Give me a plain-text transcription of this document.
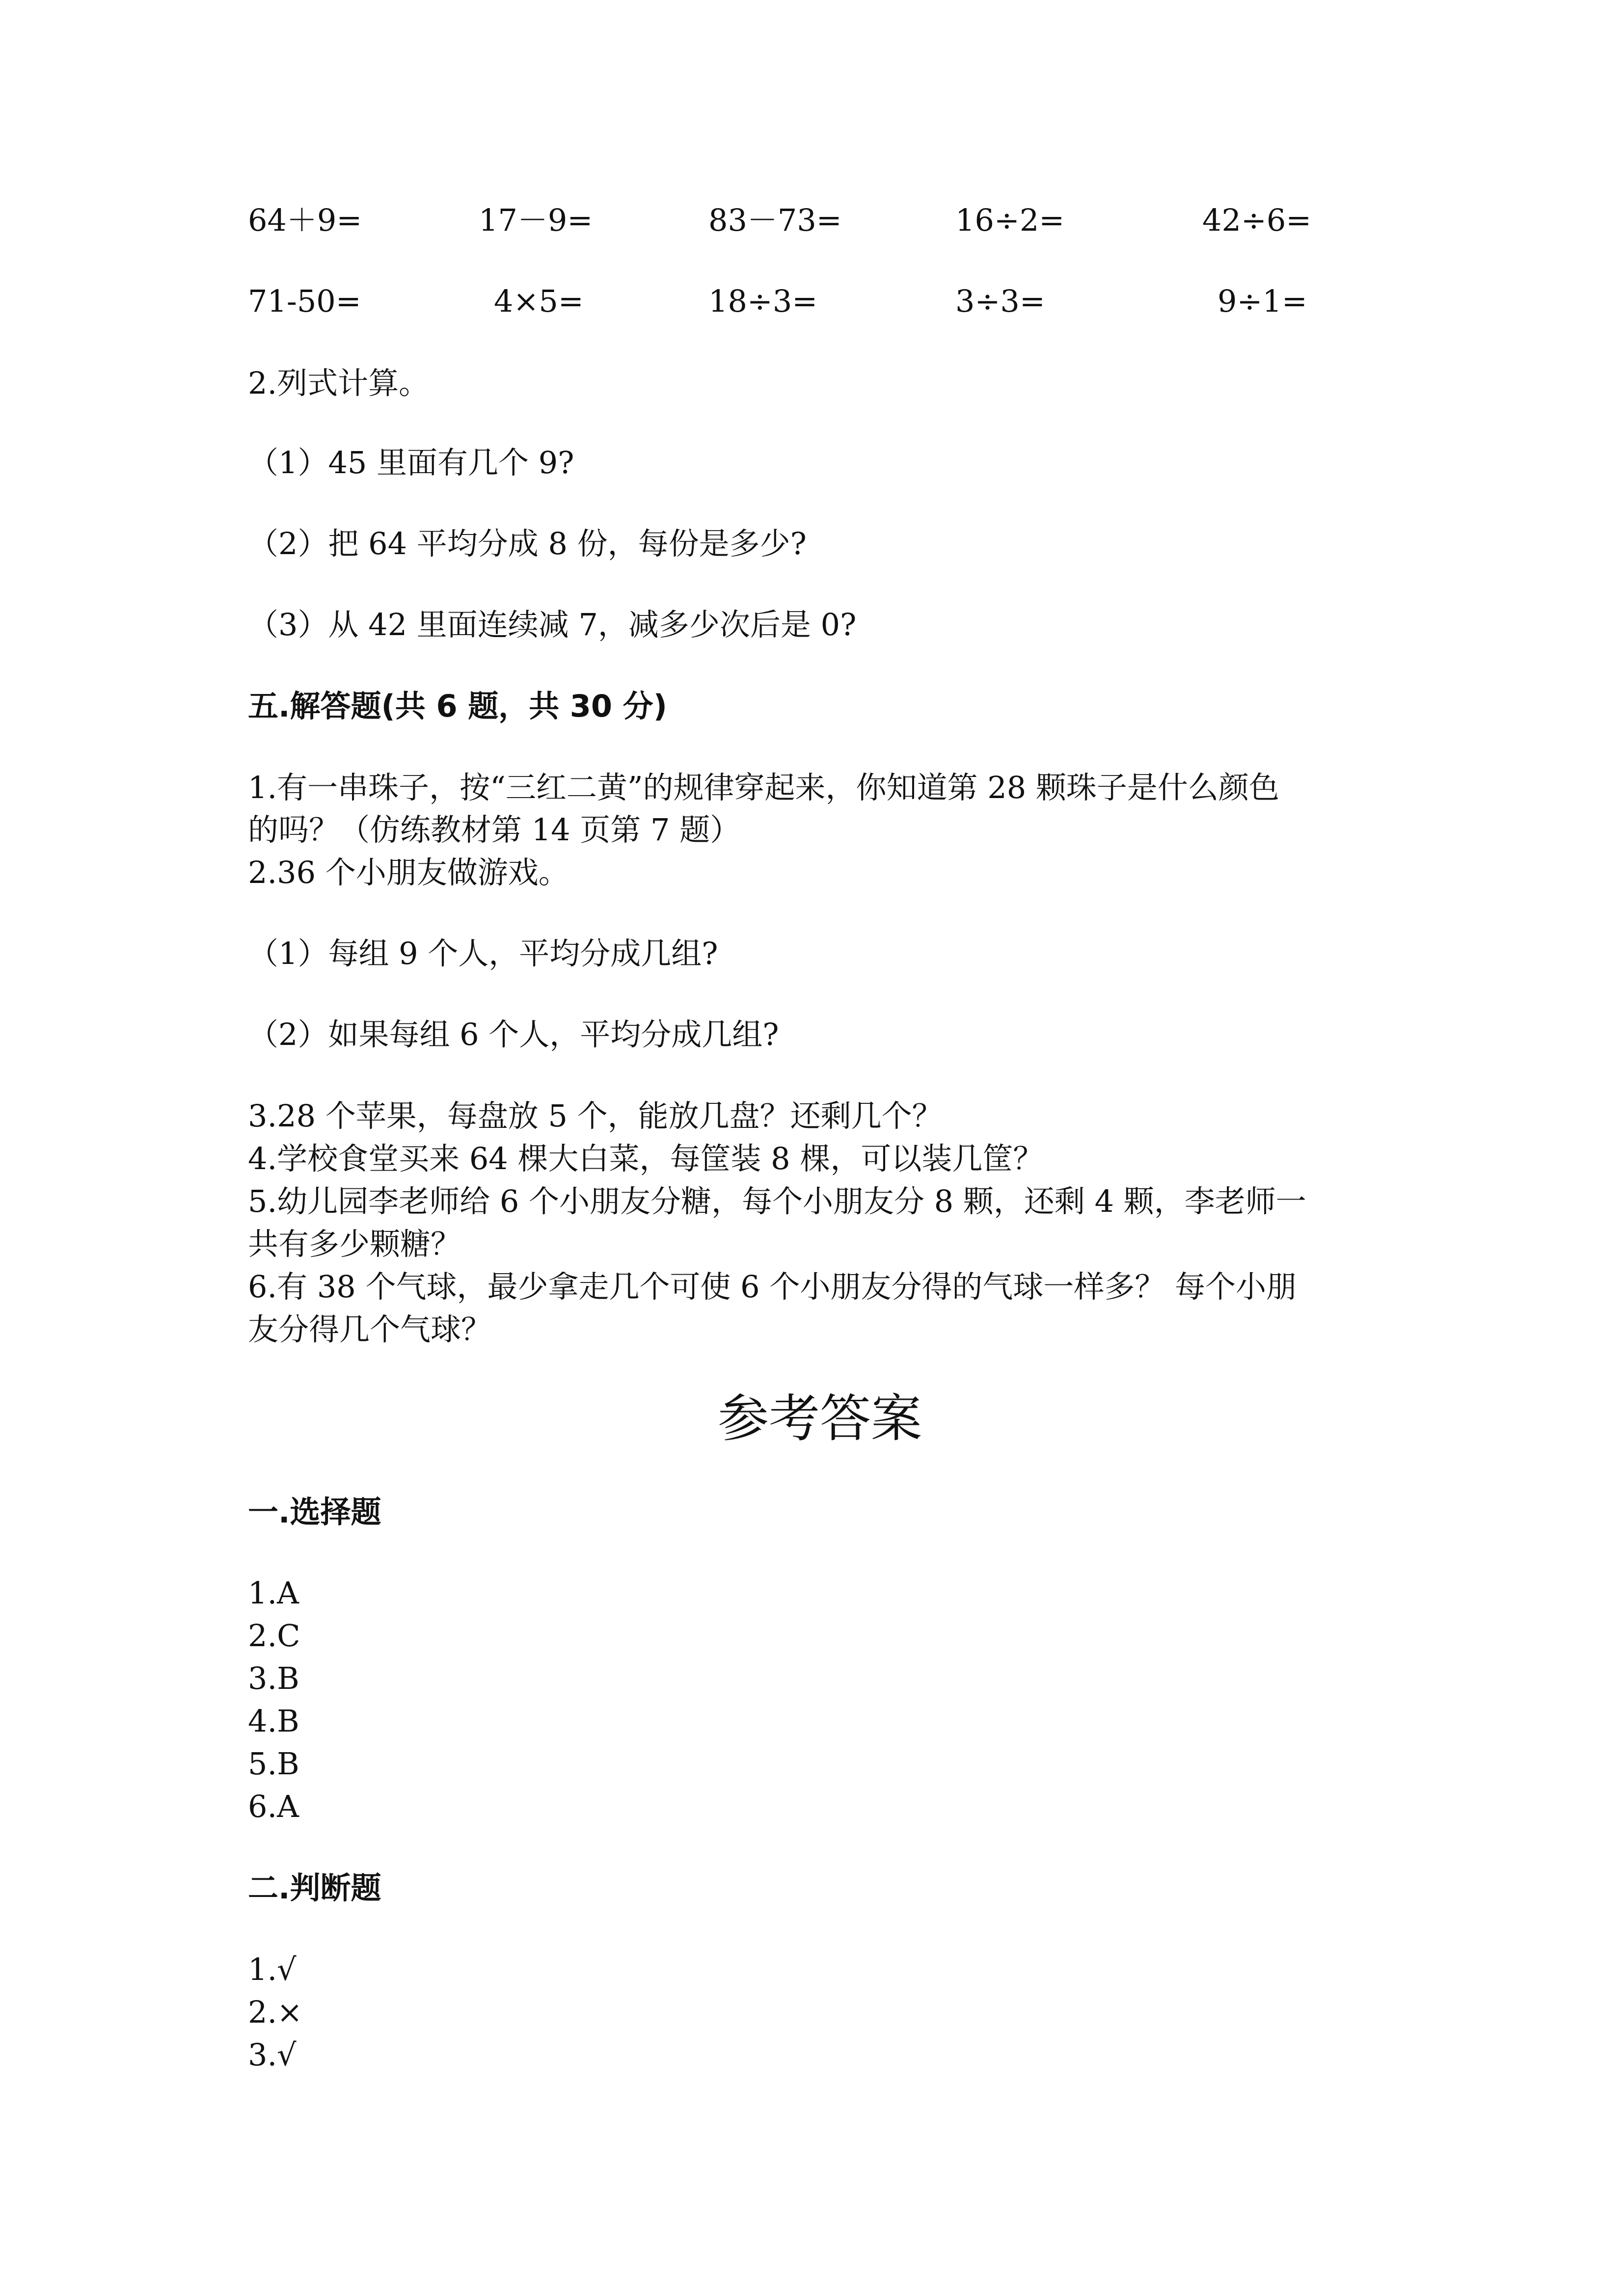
64＋9=	17－9=	83－73=	16÷2=	42÷6=
71-50=	4×5=	18÷3=	3÷3=	9÷1=
2.列式计算。
（1）45 里面有几个 9?
（2）把 64 平均分成 8 份，每份是多少?
（3）从 42 里面连续减 7，减多少次后是 0?
五.解答题(共 6 题，共 30 分)
1.有一串珠子，按“三红二黄”的规律穿起来，你知道第 28 颗珠子是什么颜色
的吗？（仿练教材第 14 页第 7 题）
2.36 个小朋友做游戏。
（1）每组 9 个人，平均分成几组?
（2）如果每组 6 个人，平均分成几组?
3.28 个苹果，每盘放 5 个，能放几盘？还剩几个？
4.学校食堂买来 64 棵大白菜，每筐装 8 棵，可以装几筐？
5.幼儿园李老师给 6 个小朋友分糖，每个小朋友分 8 颗，还剩 4 颗，李老师一
共有多少颗糖？
6.有 38 个气球，最少拿走几个可使 6 个小朋友分得的气球一样多？ 每个小朋
友分得几个气球？
参考答案
一.选择题
1.A
2.C
3.B
4.B
5.B
6.A
二.判断题
1.√
2.×
3.√
